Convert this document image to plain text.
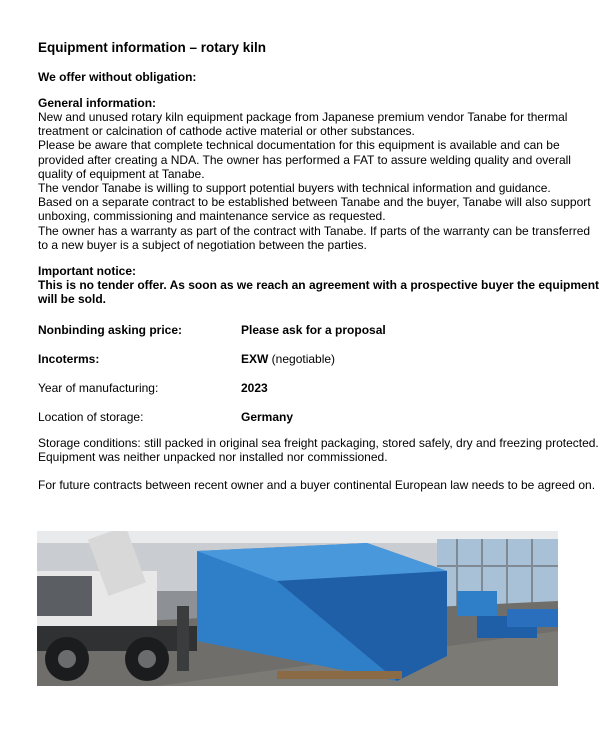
Equipment information – rotary kiln

We offer without obligation:

General information:

New and unused rotary kiln equipment package from Japanese premium vendor Tanabe for thermal treatment or calcination of cathode active material or other substances.

Please be aware that complete technical documentation for this equipment is available and can be provided after creating a NDA. The owner has performed a FAT to assure welding quality and overall quality of equipment at Tanabe.

The vendor Tanabe is willing to support potential buyers with technical information and guidance.

Based on a separate contract to be established between Tanabe and the buyer, Tanabe will also support unboxing, commissioning and maintenance service as requested.

The owner has a warranty as part of the contract with Tanabe. If parts of the warranty can be transferred to a new buyer is a subject of negotiation between the parties.

Important notice:

This is no tender offer. As soon as we reach an agreement with a prospective buyer the equipment will be sold.

Nonbinding asking price:	Please ask for a proposal
Incoterms:	EXW (negotiable)
Year of manufacturing:	2023
Location of storage:	Germany

Storage conditions: still packed in original sea freight packaging, stored safely, dry and freezing protected. Equipment was neither unpacked nor installed nor commissioned.

For future contracts between recent owner and a buyer continental European law needs to be agreed on.
